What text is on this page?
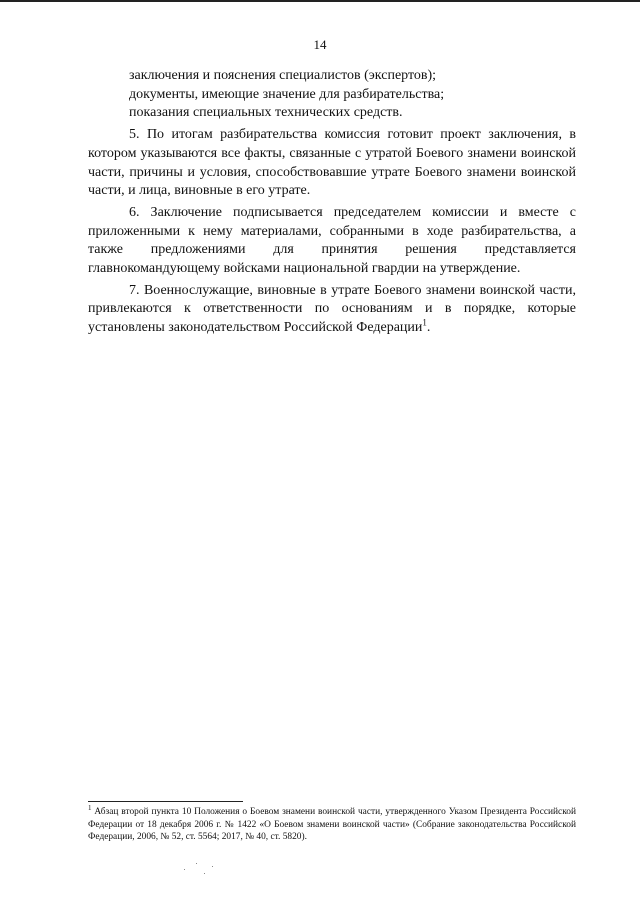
14

заключения и пояснения специалистов (экспертов);

документы, имеющие значение для разбирательства;

показания специальных технических средств.

5. По итогам разбирательства комиссия готовит проект заключения, в котором указываются все факты, связанные с утратой Боевого знамени воинской части, причины и условия, способствовавшие утрате Боевого знамени воинской части, и лица, виновные в его утрате.

6. Заключение подписывается председателем комиссии и вместе с приложенными к нему материалами, собранными в ходе разбирательства, а также предложениями для принятия решения представляется главнокомандующему войсками национальной гвардии на утверждение.

7. Военнослужащие, виновные в утрате Боевого знамени воинской части, привлекаются к ответственности по основаниям и в порядке, которые установлены законодательством Российской Федерации$^1$.

$^1$ Абзац второй пункта 10 Положения о Боевом знамени воинской части, утвержденного Указом Президента Российской Федерации от 18 декабря 2006 г. № 1422 «О Боевом знамени воинской части» (Собрание законодательства Российской Федерации, 2006, № 52, ст. 5564; 2017, № 40, ст. 5820).
